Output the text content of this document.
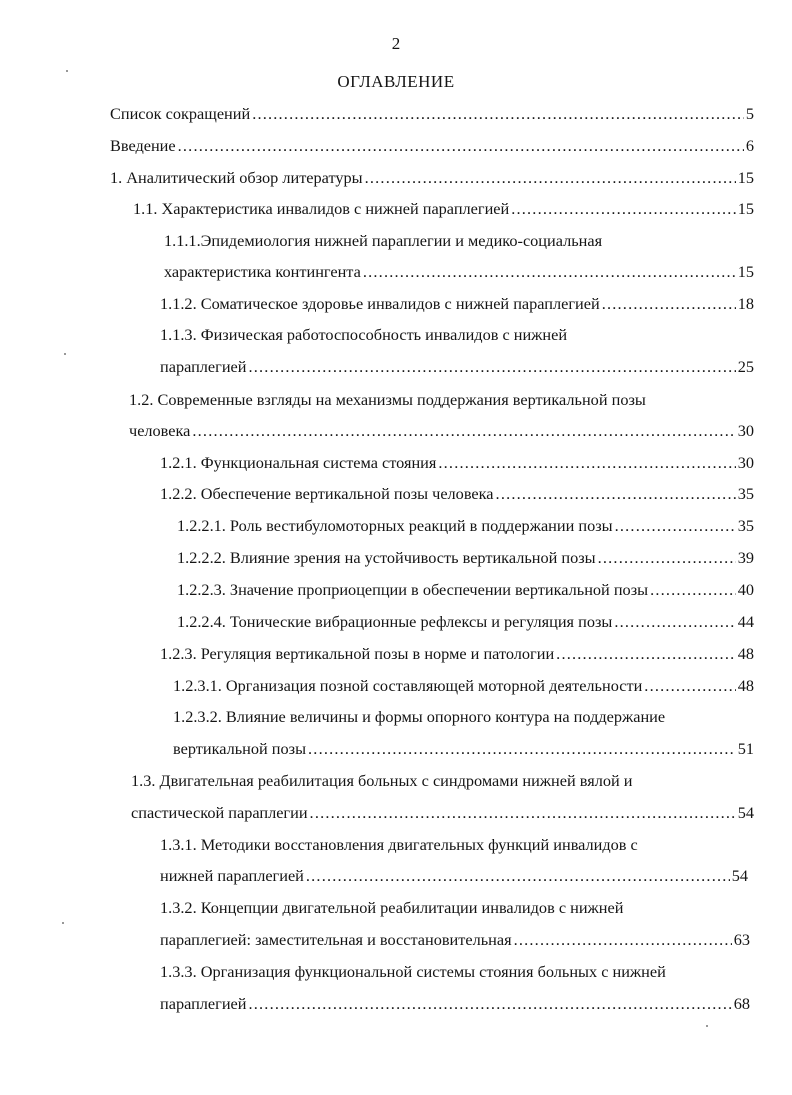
2
ОГЛАВЛЕНИЕ
Список сокращений .....	5
Введение .....	6
1. Аналитический обзор литературы .....	15
1.1. Характеристика инвалидов с нижней параплегией .....	15
1.1.1.Эпидемиология нижней параплегии и медико-социальная
характеристика контингента .....	15
1.1.2. Соматическое здоровье инвалидов с нижней параплегией .....	18
1.1.3. Физическая работоспособность инвалидов с нижней
параплегией .....	25
1.2. Современные взгляды на механизмы поддержания вертикальной позы
человека .....	30
1.2.1. Функциональная система стояния .....	30
1.2.2. Обеспечение вертикальной позы человека .....	35
1.2.2.1. Роль вестибуломоторных реакций в поддержании позы .....	35
1.2.2.2. Влияние зрения на устойчивость вертикальной позы .....	39
1.2.2.3. Значение проприоцепции в обеспечении вертикальной позы .....	40
1.2.2.4. Тонические вибрационные рефлексы и регуляция позы .....	44
1.2.3. Регуляция вертикальной позы в норме и патологии .....	48
1.2.3.1. Организация позной составляющей моторной деятельности .....	48
1.2.3.2. Влияние величины и формы опорного контура на поддержание
вертикальной позы .....	51
1.3. Двигательная реабилитация больных с синдромами нижней вялой и
спастической параплегии .....	54
1.3.1. Методики восстановления двигательных функций инвалидов с
нижней параплегией .....	54
1.3.2. Концепции двигательной реабилитации инвалидов с нижней
параплегией: заместительная и восстановительная .....	63
1.3.3. Организация функциональной системы стояния больных с нижней
параплегией .....	68
